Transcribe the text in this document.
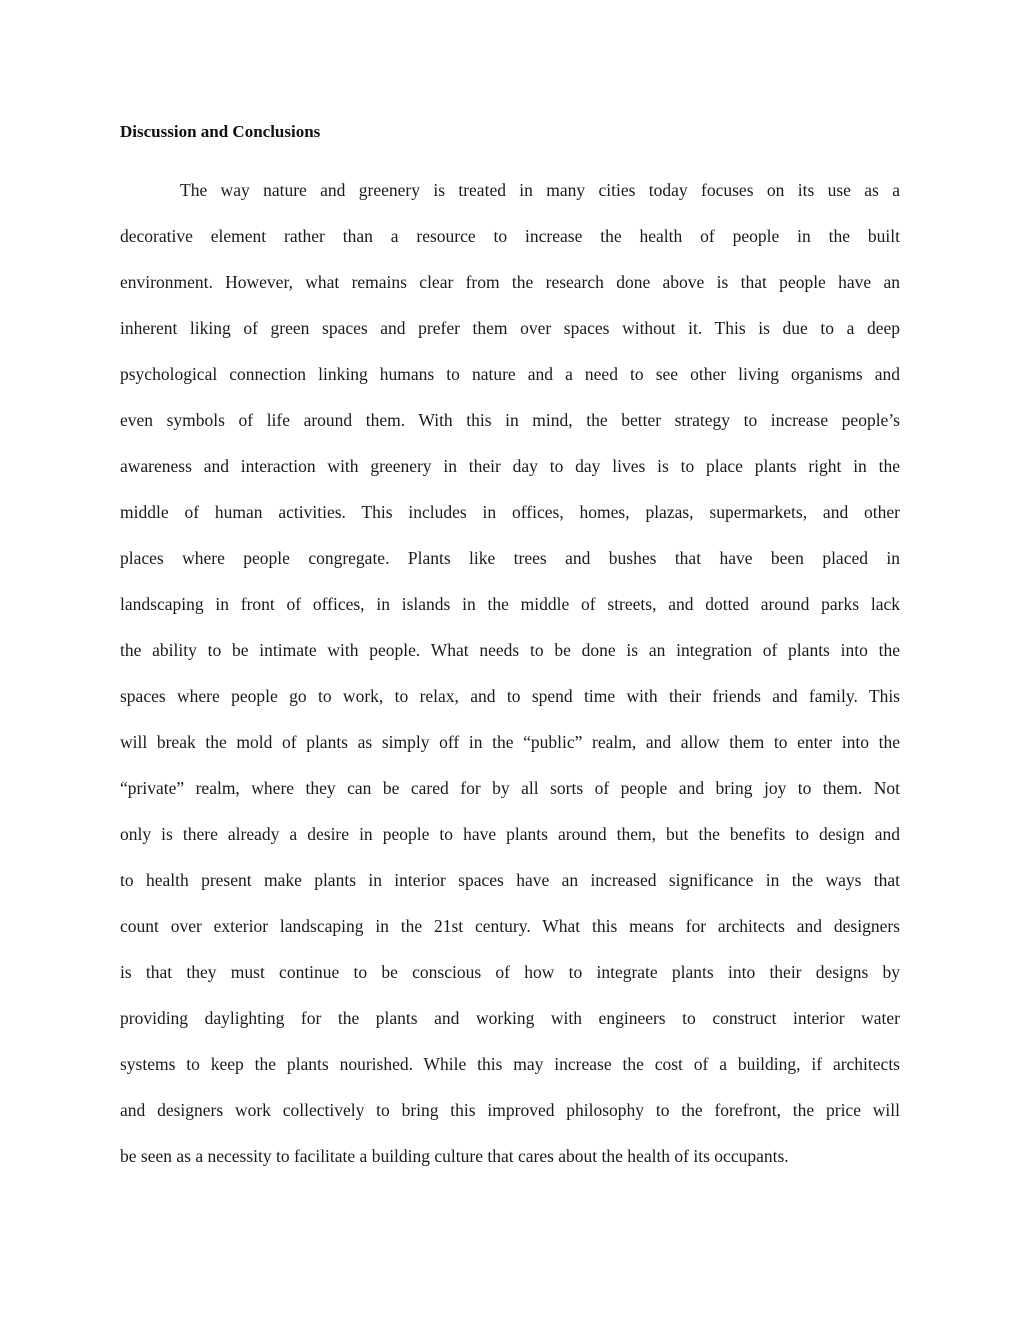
Discussion and Conclusions

The way nature and greenery is treated in many cities today focuses on its use as a
decorative element rather than a resource to increase the health of people in the built
environment. However, what remains clear from the research done above is that people have an
inherent liking of green spaces and prefer them over spaces without it. This is due to a deep
psychological connection linking humans to nature and a need to see other living organisms and
even symbols of life around them. With this in mind, the better strategy to increase people’s
awareness and interaction with greenery in their day to day lives is to place plants right in the
middle of human activities. This includes in offices, homes, plazas, supermarkets, and other
places where people congregate. Plants like trees and bushes that have been placed in
landscaping in front of offices, in islands in the middle of streets, and dotted around parks lack
the ability to be intimate with people. What needs to be done is an integration of plants into the
spaces where people go to work, to relax, and to spend time with their friends and family. This
will break the mold of plants as simply off in the “public” realm, and allow them to enter into the
“private” realm, where they can be cared for by all sorts of people and bring joy to them. Not
only is there already a desire in people to have plants around them, but the benefits to design and
to health present make plants in interior spaces have an increased significance in the ways that
count over exterior landscaping in the 21st century. What this means for architects and designers
is that they must continue to be conscious of how to integrate plants into their designs by
providing daylighting for the plants and working with engineers to construct interior water
systems to keep the plants nourished. While this may increase the cost of a building, if architects
and designers work collectively to bring this improved philosophy to the forefront, the price will
be seen as a necessity to facilitate a building culture that cares about the health of its occupants.
